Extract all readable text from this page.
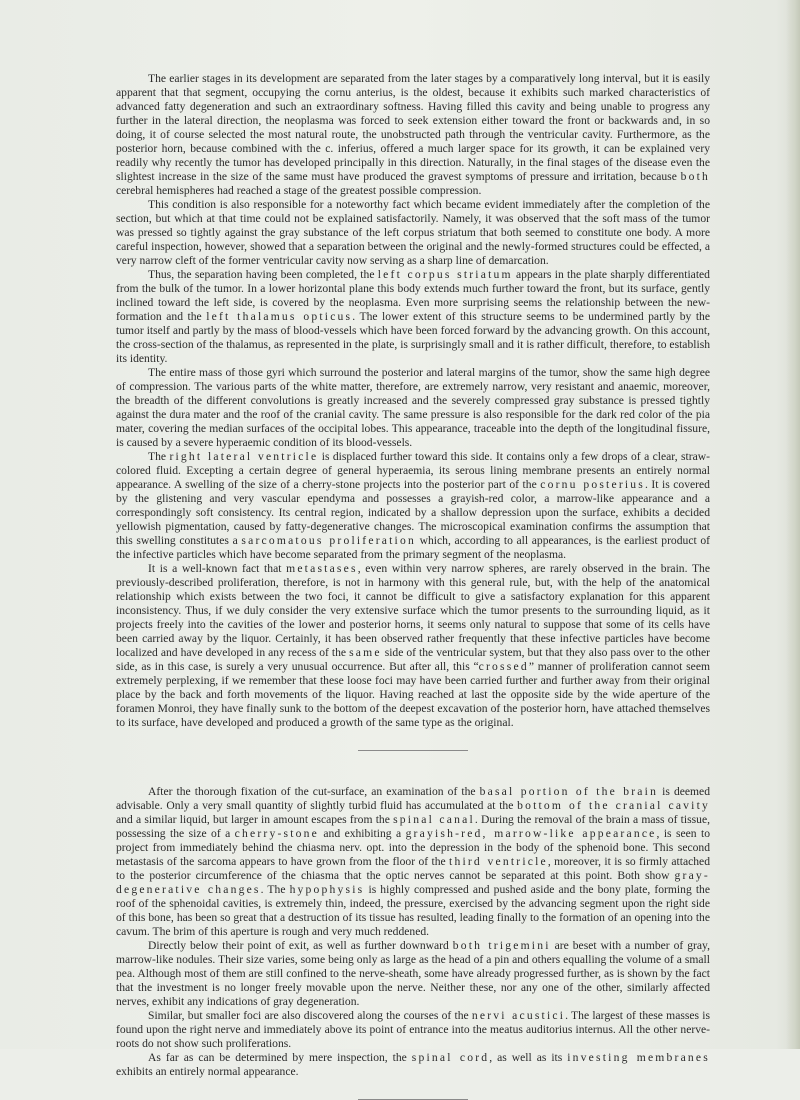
The earlier stages in its development are separated from the later stages by a comparatively long interval, but it is easily apparent that that segment, occupying the cornu anterius, is the oldest, because it exhibits such marked characteristics of advanced fatty degeneration and such an extraordinary softness. Having filled this cavity and being unable to progress any further in the lateral direction, the neoplasma was forced to seek extension either toward the front or backwards and, in so doing, it of course selected the most natural route, the unobstructed path through the ventricular cavity. Furthermore, as the posterior horn, because combined with the c. inferius, offered a much larger space for its growth, it can be explained very readily why recently the tumor has developed principally in this direction. Naturally, in the final stages of the disease even the slightest increase in the size of the same must have produced the gravest symptoms of pressure and irritation, because both cerebral hemispheres had reached a stage of the greatest possible compression.

This condition is also responsible for a noteworthy fact which became evident immediately after the completion of the section, but which at that time could not be explained satisfactorily. Namely, it was observed that the soft mass of the tumor was pressed so tightly against the gray substance of the left corpus striatum that both seemed to constitute one body. A more careful inspection, however, showed that a separation between the original and the newly-formed structures could be effected, a very narrow cleft of the former ventricular cavity now serving as a sharp line of demarcation.

Thus, the separation having been completed, the left corpus striatum appears in the plate sharply differentiated from the bulk of the tumor. In a lower horizontal plane this body extends much further toward the front, but its surface, gently inclined toward the left side, is covered by the neoplasma. Even more surprising seems the relationship between the new-formation and the left thalamus opticus. The lower extent of this structure seems to be undermined partly by the tumor itself and partly by the mass of blood-vessels which have been forced forward by the advancing growth. On this account, the cross-section of the thalamus, as represented in the plate, is surprisingly small and it is rather difficult, therefore, to establish its identity.

The entire mass of those gyri which surround the posterior and lateral margins of the tumor, show the same high degree of compression. The various parts of the white matter, therefore, are extremely narrow, very resistant and anaemic, moreover, the breadth of the different convolutions is greatly increased and the severely compressed gray substance is pressed tightly against the dura mater and the roof of the cranial cavity. The same pressure is also responsible for the dark red color of the pia mater, covering the median surfaces of the occipital lobes. This appearance, traceable into the depth of the longitudinal fissure, is caused by a severe hyperaemic condition of its blood-vessels.

The right lateral ventricle is displaced further toward this side. It contains only a few drops of a clear, straw-colored fluid. Excepting a certain degree of general hyperaemia, its serous lining membrane presents an entirely normal appearance. A swelling of the size of a cherry-stone projects into the posterior part of the cornu posterius. It is covered by the glistening and very vascular ependyma and possesses a grayish-red color, a marrow-like appearance and a correspondingly soft consistency. Its central region, indicated by a shallow depression upon the surface, exhibits a decided yellowish pigmentation, caused by fatty-degenerative changes. The microscopical examination confirms the assumption that this swelling constitutes a sarcomatous proliferation which, according to all appearances, is the earliest product of the infective particles which have become separated from the primary segment of the neoplasma.

It is a well-known fact that metastases, even within very narrow spheres, are rarely observed in the brain. The previously-described proliferation, therefore, is not in harmony with this general rule, but, with the help of the anatomical relationship which exists between the two foci, it cannot be difficult to give a satisfactory explanation for this apparent inconsistency. Thus, if we duly consider the very extensive surface which the tumor presents to the surrounding liquid, as it projects freely into the cavities of the lower and posterior horns, it seems only natural to suppose that some of its cells have been carried away by the liquor. Certainly, it has been observed rather frequently that these infective particles have become localized and have developed in any recess of the same side of the ventricular system, but that they also pass over to the other side, as in this case, is surely a very unusual occurrence. But after all, this “crossed” manner of proliferation cannot seem extremely perplexing, if we remember that these loose foci may have been carried further and further away from their original place by the back and forth movements of the liquor. Having reached at last the opposite side by the wide aperture of the foramen Monroi, they have finally sunk to the bottom of the deepest excavation of the posterior horn, have attached themselves to its surface, have developed and produced a growth of the same type as the original.

After the thorough fixation of the cut-surface, an examination of the basal portion of the brain is deemed advisable. Only a very small quantity of slightly turbid fluid has accumulated at the bottom of the cranial cavity and a similar liquid, but larger in amount escapes from the spinal canal. During the removal of the brain a mass of tissue, possessing the size of a cherry-stone and exhibiting a grayish-red, marrow-like appearance, is seen to project from immediately behind the chiasma nerv. opt. into the depression in the body of the sphenoid bone. This second metastasis of the sarcoma appears to have grown from the floor of the third ventricle, moreover, it is so firmly attached to the posterior circumference of the chiasma that the optic nerves cannot be separated at this point. Both show gray-degenerative changes. The hypophysis is highly compressed and pushed aside and the bony plate, forming the roof of the sphenoidal cavities, is extremely thin, indeed, the pressure, exercised by the advancing segment upon the right side of this bone, has been so great that a destruction of its tissue has resulted, leading finally to the formation of an opening into the cavum. The brim of this aperture is rough and very much reddened.

Directly below their point of exit, as well as further downward both trigemini are beset with a number of gray, marrow-like nodules. Their size varies, some being only as large as the head of a pin and others equalling the volume of a small pea. Although most of them are still confined to the nerve-sheath, some have already progressed further, as is shown by the fact that the investment is no longer freely movable upon the nerve. Neither these, nor any one of the other, similarly affected nerves, exhibit any indications of gray degeneration.

Similar, but smaller foci are also discovered along the courses of the nervi acustici. The largest of these masses is found upon the right nerve and immediately above its point of entrance into the meatus auditorius internus. All the other nerve-roots do not show such proliferations.

As far as can be determined by mere inspection, the spinal cord, as well as its investing membranes exhibits an entirely normal appearance.
